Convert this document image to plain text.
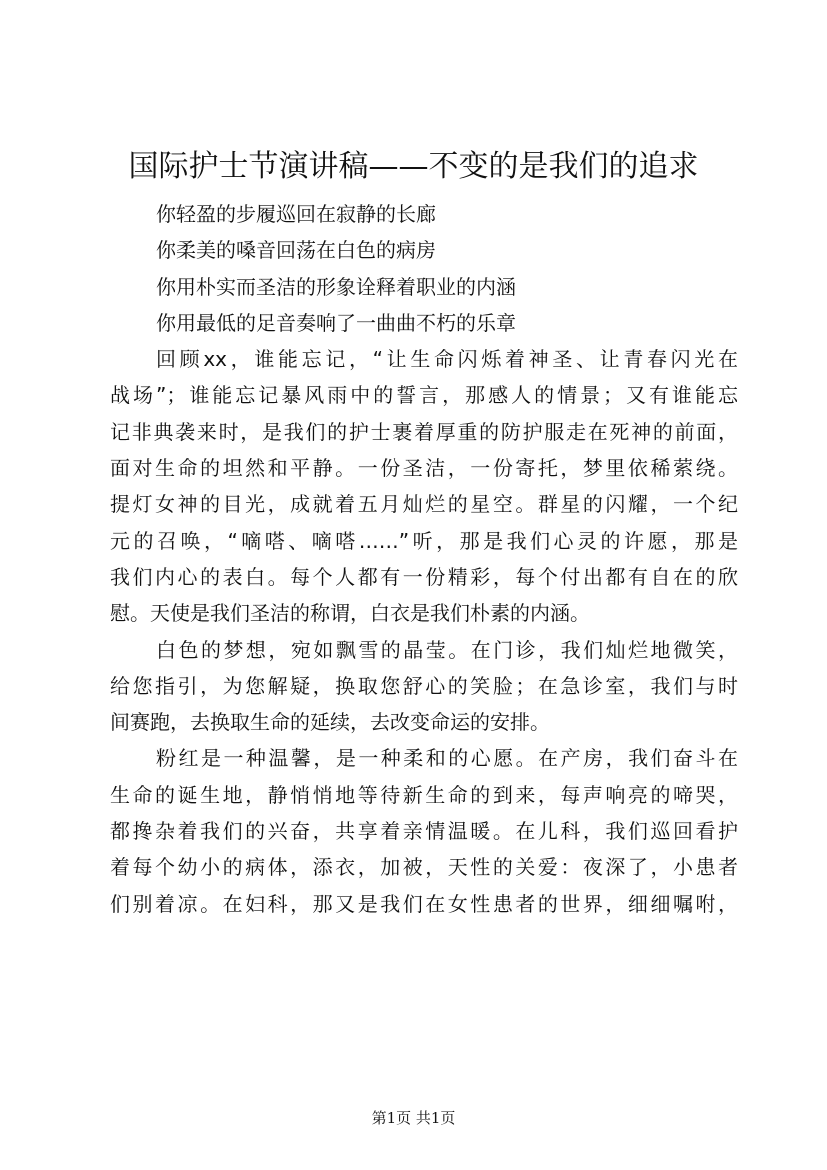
国际护士节演讲稿——不变的是我们的追求
你轻盈的步履巡回在寂静的长廊
你柔美的嗓音回荡在白色的病房
你用朴实而圣洁的形象诠释着职业的内涵
你用最低的足音奏响了一曲曲不朽的乐章
回顾xx，谁能忘记，“让生命闪烁着神圣、让青春闪光在
战场”；谁能忘记暴风雨中的誓言，那感人的情景；又有谁能忘
记非典袭来时，是我们的护士裹着厚重的防护服走在死神的前面，
面对生命的坦然和平静。一份圣洁，一份寄托，梦里依稀萦绕。
提灯女神的目光，成就着五月灿烂的星空。群星的闪耀，一个纪
元的召唤，“嘀嗒、嘀嗒……”听，那是我们心灵的许愿，那是
我们内心的表白。每个人都有一份精彩，每个付出都有自在的欣
慰。天使是我们圣洁的称谓，白衣是我们朴素的内涵。
白色的梦想，宛如飘雪的晶莹。在门诊，我们灿烂地微笑，
给您指引，为您解疑，换取您舒心的笑脸；在急诊室，我们与时
间赛跑，去换取生命的延续，去改变命运的安排。
粉红是一种温馨，是一种柔和的心愿。在产房，我们奋斗在
生命的诞生地，静悄悄地等待新生命的到来，每声响亮的啼哭，
都搀杂着我们的兴奋，共享着亲情温暖。在儿科，我们巡回看护
着每个幼小的病体，添衣，加被，天性的关爱：夜深了，小患者
们别着凉。在妇科，那又是我们在女性患者的世界，细细嘱咐，
第1页 共1页
